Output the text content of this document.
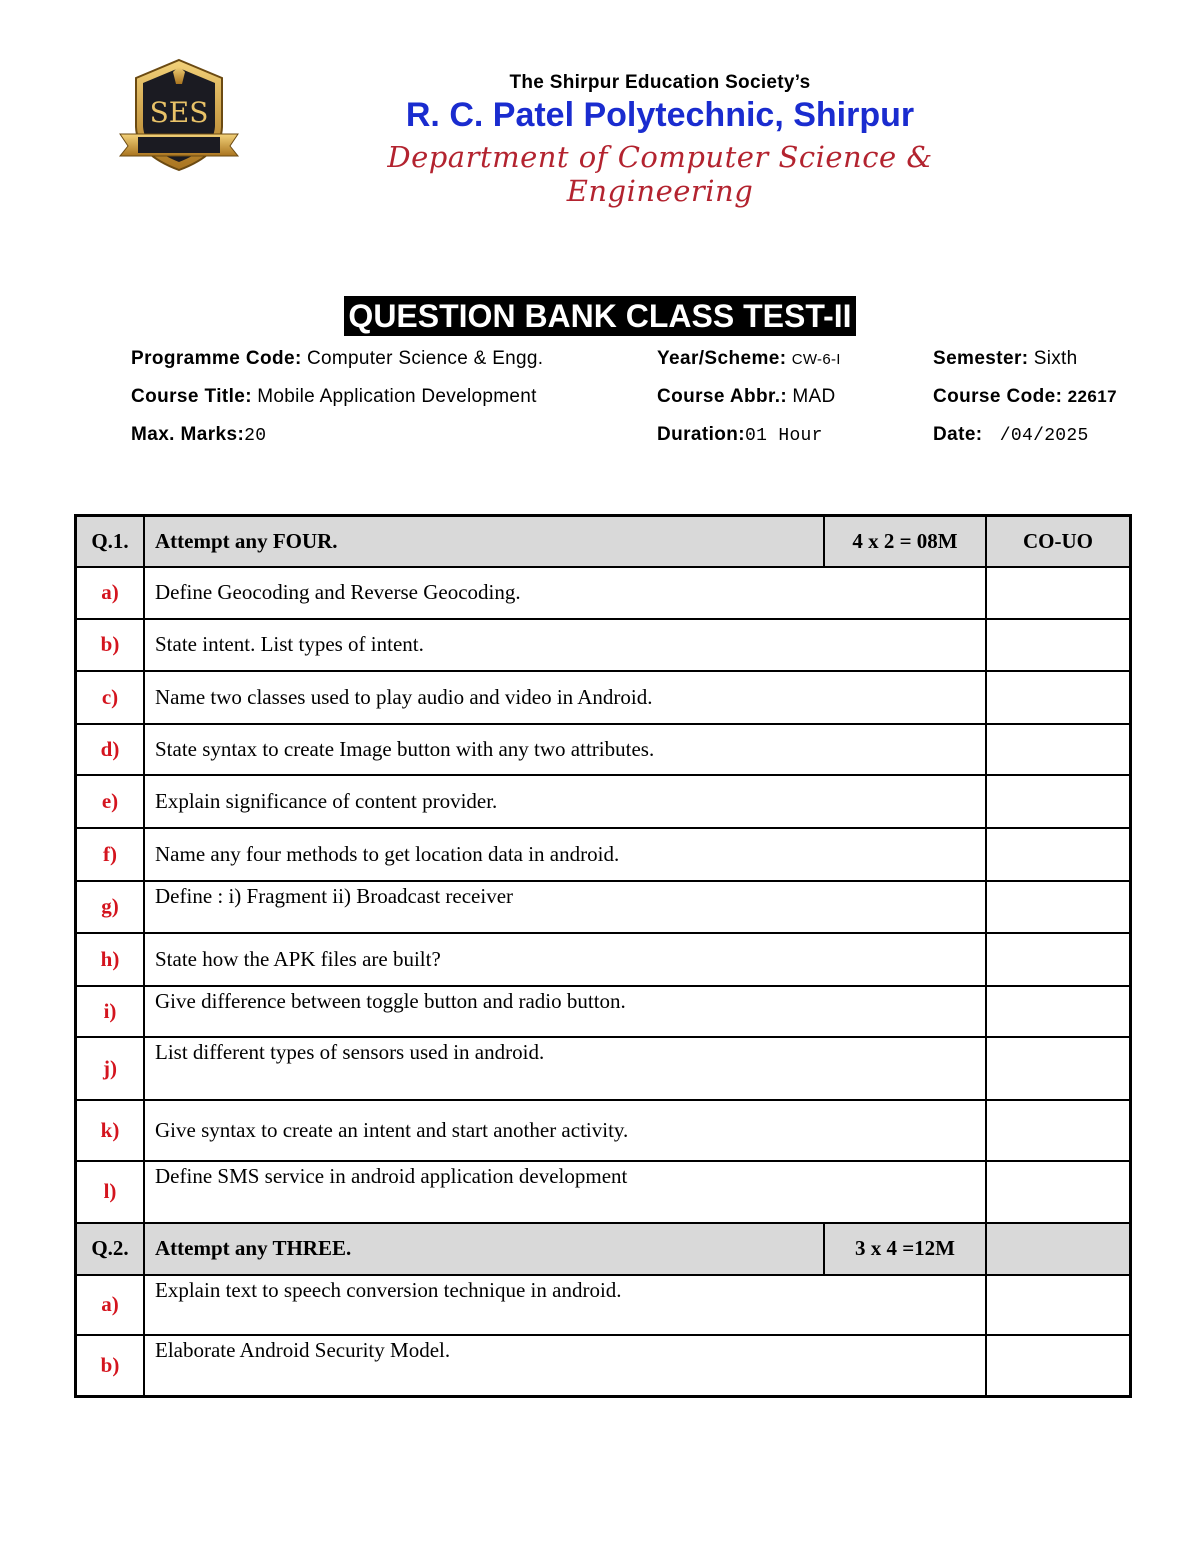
SES
The Shirpur Education Society’s
R. C. Patel Polytechnic, Shirpur
Department of Computer Science & Engineering
QUESTION BANK CLASS TEST-II
Programme Code: Computer Science & Engg.	Year/Scheme: CW-6-I	Semester: Sixth
Course Title: Mobile Application Development	Course Abbr.: MAD	Course Code: 22617
Max. Marks:20	Duration:01 Hour	Date: /04/2025
Q.1.	Attempt any FOUR.	4 x 2 = 08M	CO-UO
a)	Define Geocoding and Reverse Geocoding.		
b)	State intent. List types of intent.		
c)	Name two classes used to play audio and video in Android.		
d)	State syntax to create Image button with any two attributes.		
e)	Explain significance of content provider.		
f)	Name any four methods to get location data in android.		
g)	Define : i) Fragment ii) Broadcast receiver		
h)	State how the APK files are built?		
i)	Give difference between toggle button and radio button.		
j)	List different types of sensors used in android.		
k)	Give syntax to create an intent and start another activity.		
l)	Define SMS service in android application development		
Q.2.	Attempt any THREE.	3 x 4 =12M	
a)	Explain text to speech conversion technique in android.		
b)	Elaborate Android Security Model.		
